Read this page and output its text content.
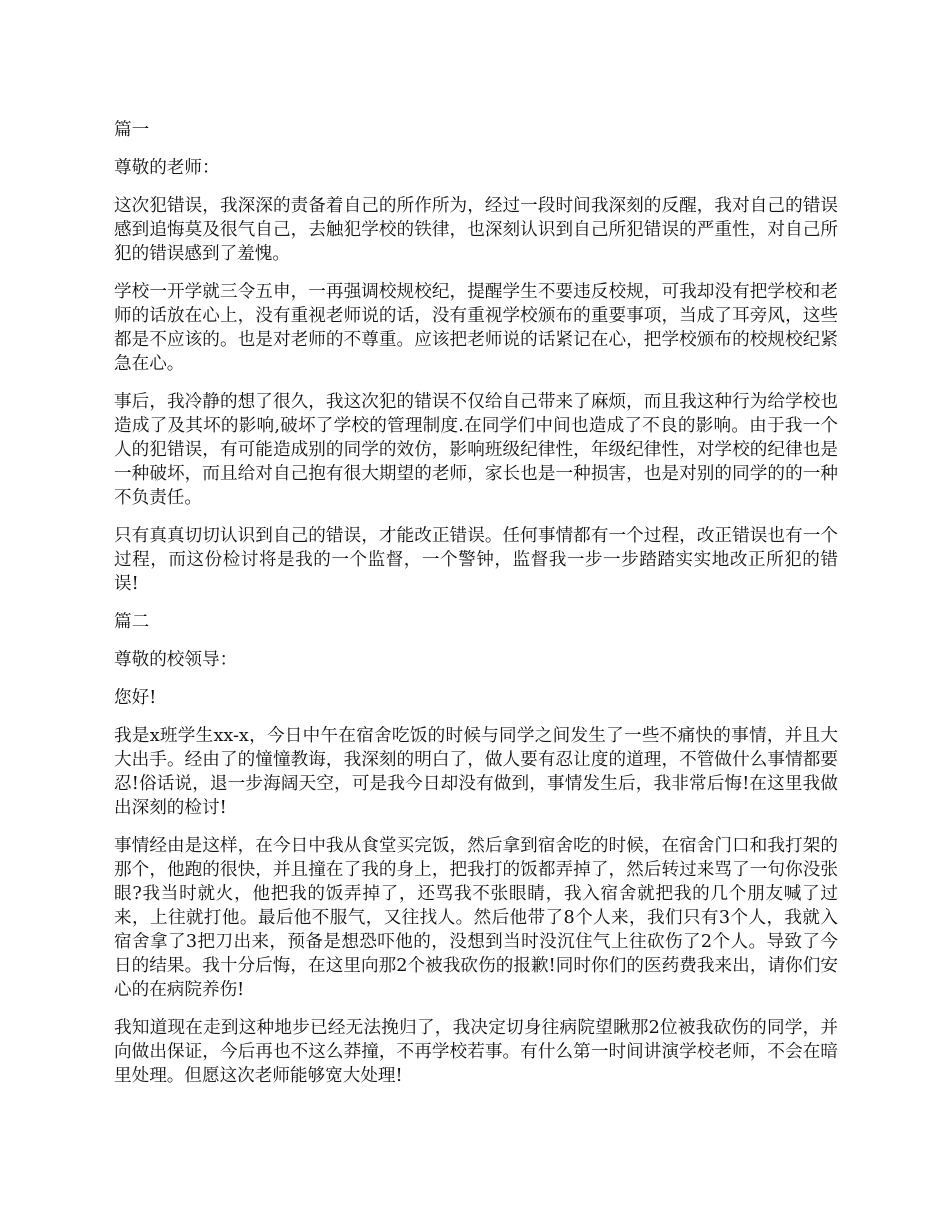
篇一

尊敬的老师：

这次犯错误，我深深的责备着自己的所作所为，经过一段时间我深刻的反醒，我对自己的错误感到追悔莫及很气自己，去触犯学校的铁律，也深刻认识到自己所犯错误的严重性，对自己所犯的错误感到了羞愧。

学校一开学就三令五申，一再强调校规校纪，提醒学生不要违反校规，可我却没有把学校和老师的话放在心上，没有重视老师说的话，没有重视学校颁布的重要事项，当成了耳旁风，这些都是不应该的。也是对老师的不尊重。应该把老师说的话紧记在心，把学校颁布的校规校纪紧急在心。

事后，我冷静的想了很久，我这次犯的错误不仅给自己带来了麻烦，而且我这种行为给学校也造成了及其坏的影响,破坏了学校的管理制度.在同学们中间也造成了不良的影响。由于我一个人的犯错误，有可能造成别的同学的效仿，影响班级纪律性，年级纪律性，对学校的纪律也是一种破坏，而且给对自己抱有很大期望的老师，家长也是一种损害，也是对别的同学的的一种不负责任。

只有真真切切认识到自己的错误，才能改正错误。任何事情都有一个过程，改正错误也有一个过程，而这份检讨将是我的一个监督，一个警钟，监督我一步一步踏踏实实地改正所犯的错误!

篇二

尊敬的校领导：

您好!

我是x班学生xx-x，今日中午在宿舍吃饭的时候与同学之间发生了一些不痛快的事情，并且大大出手。经由了的憧憧教诲，我深刻的明白了，做人要有忍让度的道理，不管做什么事情都要忍!俗话说，退一步海阔天空，可是我今日却没有做到，事情发生后，我非常后悔!在这里我做出深刻的检讨!

事情经由是这样，在今日中我从食堂买完饭，然后拿到宿舍吃的时候，在宿舍门口和我打架的那个，他跑的很快，并且撞在了我的身上，把我打的饭都弄掉了，然后转过来骂了一句你没张眼?我当时就火，他把我的饭弄掉了，还骂我不张眼睛，我入宿舍就把我的几个朋友喊了过来，上往就打他。最后他不服气，又往找人。然后他带了8个人来，我们只有3个人，我就入宿舍拿了3把刀出来，预备是想恐吓他的，没想到当时没沉住气上往砍伤了2个人。导致了今日的结果。我十分后悔，在这里向那2个被我砍伤的报歉!同时你们的医药费我来出，请你们安心的在病院养伤!

我知道现在走到这种地步已经无法挽归了，我决定切身往病院望瞅那2位被我砍伤的同学，并向做出保证，今后再也不这么莽撞，不再学校若事。有什么第一时间讲演学校老师，不会在暗里处理。但愿这次老师能够宽大处理!
